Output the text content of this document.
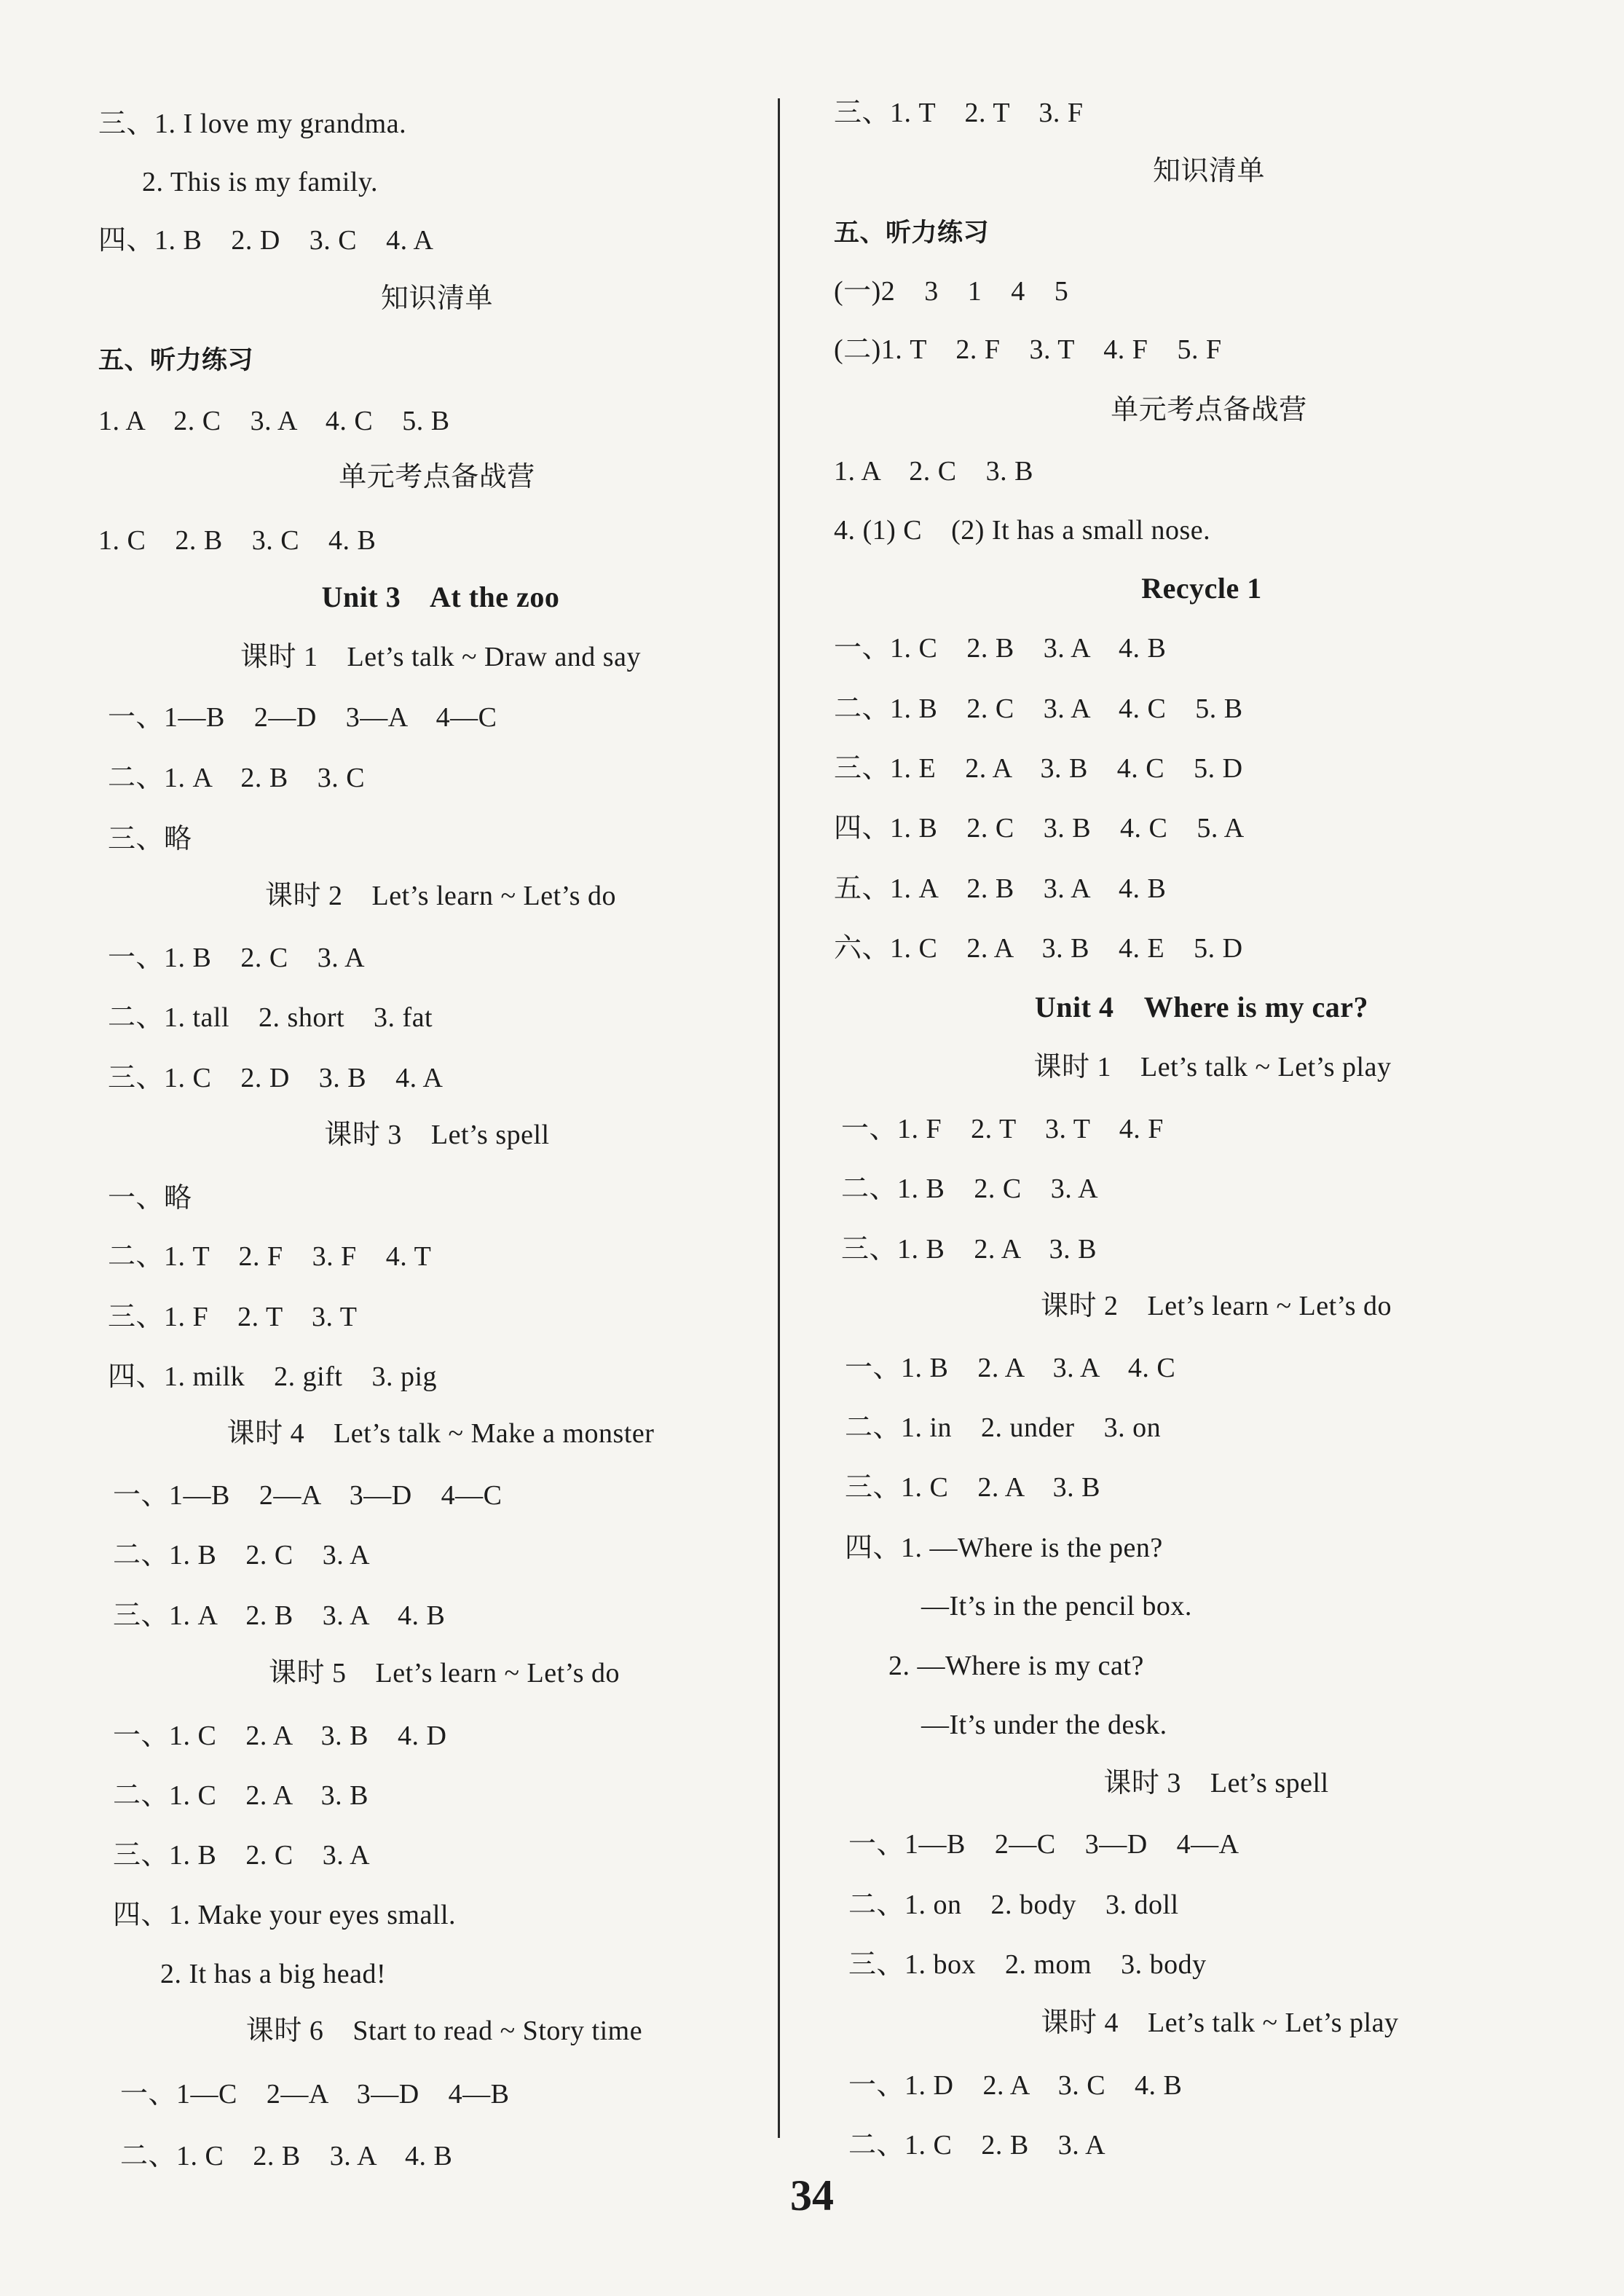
三、1. I love my grandma.
2. This is my family.
四、1. B    2. D    3. C    4. A
知识清单
五、听力练习
1. A    2. C    3. A    4. C    5. B
单元考点备战营
1. C    2. B    3. C    4. B
Unit 3    At the zoo
课时 1    Let’s talk ~ Draw and say
一、1—B    2—D    3—A    4—C
二、1. A    2. B    3. C
三、略
课时 2    Let’s learn ~ Let’s do
一、1. B    2. C    3. A
二、1. tall    2. short    3. fat
三、1. C    2. D    3. B    4. A
课时 3    Let’s spell
一、略
二、1. T    2. F    3. F    4. T
三、1. F    2. T    3. T
四、1. milk    2. gift    3. pig
课时 4    Let’s talk ~ Make a monster
一、1—B    2—A    3—D    4—C
二、1. B    2. C    3. A
三、1. A    2. B    3. A    4. B
课时 5    Let’s learn ~ Let’s do
一、1. C    2. A    3. B    4. D
二、1. C    2. A    3. B
三、1. B    2. C    3. A
四、1. Make your eyes small.
2. It has a big head!
课时 6    Start to read ~ Story time
一、1—C    2—A    3—D    4—B
二、1. C    2. B    3. A    4. B
三、1. T    2. T    3. F
知识清单
五、听力练习
(一)2    3    1    4    5
(二)1. T    2. F    3. T    4. F    5. F
单元考点备战营
1. A    2. C    3. B
4. (1) C    (2) It has a small nose.
Recycle 1
一、1. C    2. B    3. A    4. B
二、1. B    2. C    3. A    4. C    5. B
三、1. E    2. A    3. B    4. C    5. D
四、1. B    2. C    3. B    4. C    5. A
五、1. A    2. B    3. A    4. B
六、1. C    2. A    3. B    4. E    5. D
Unit 4    Where is my car?
课时 1    Let’s talk ~ Let’s play
一、1. F    2. T    3. T    4. F
二、1. B    2. C    3. A
三、1. B    2. A    3. B
课时 2    Let’s learn ~ Let’s do
一、1. B    2. A    3. A    4. C
二、1. in    2. under    3. on
三、1. C    2. A    3. B
四、1. —Where is the pen?
—It’s in the pencil box.
2. —Where is my cat?
—It’s under the desk.
课时 3    Let’s spell
一、1—B    2—C    3—D    4—A
二、1. on    2. body    3. doll
三、1. box    2. mom    3. body
课时 4    Let’s talk ~ Let’s play
一、1. D    2. A    3. C    4. B
二、1. C    2. B    3. A
34
